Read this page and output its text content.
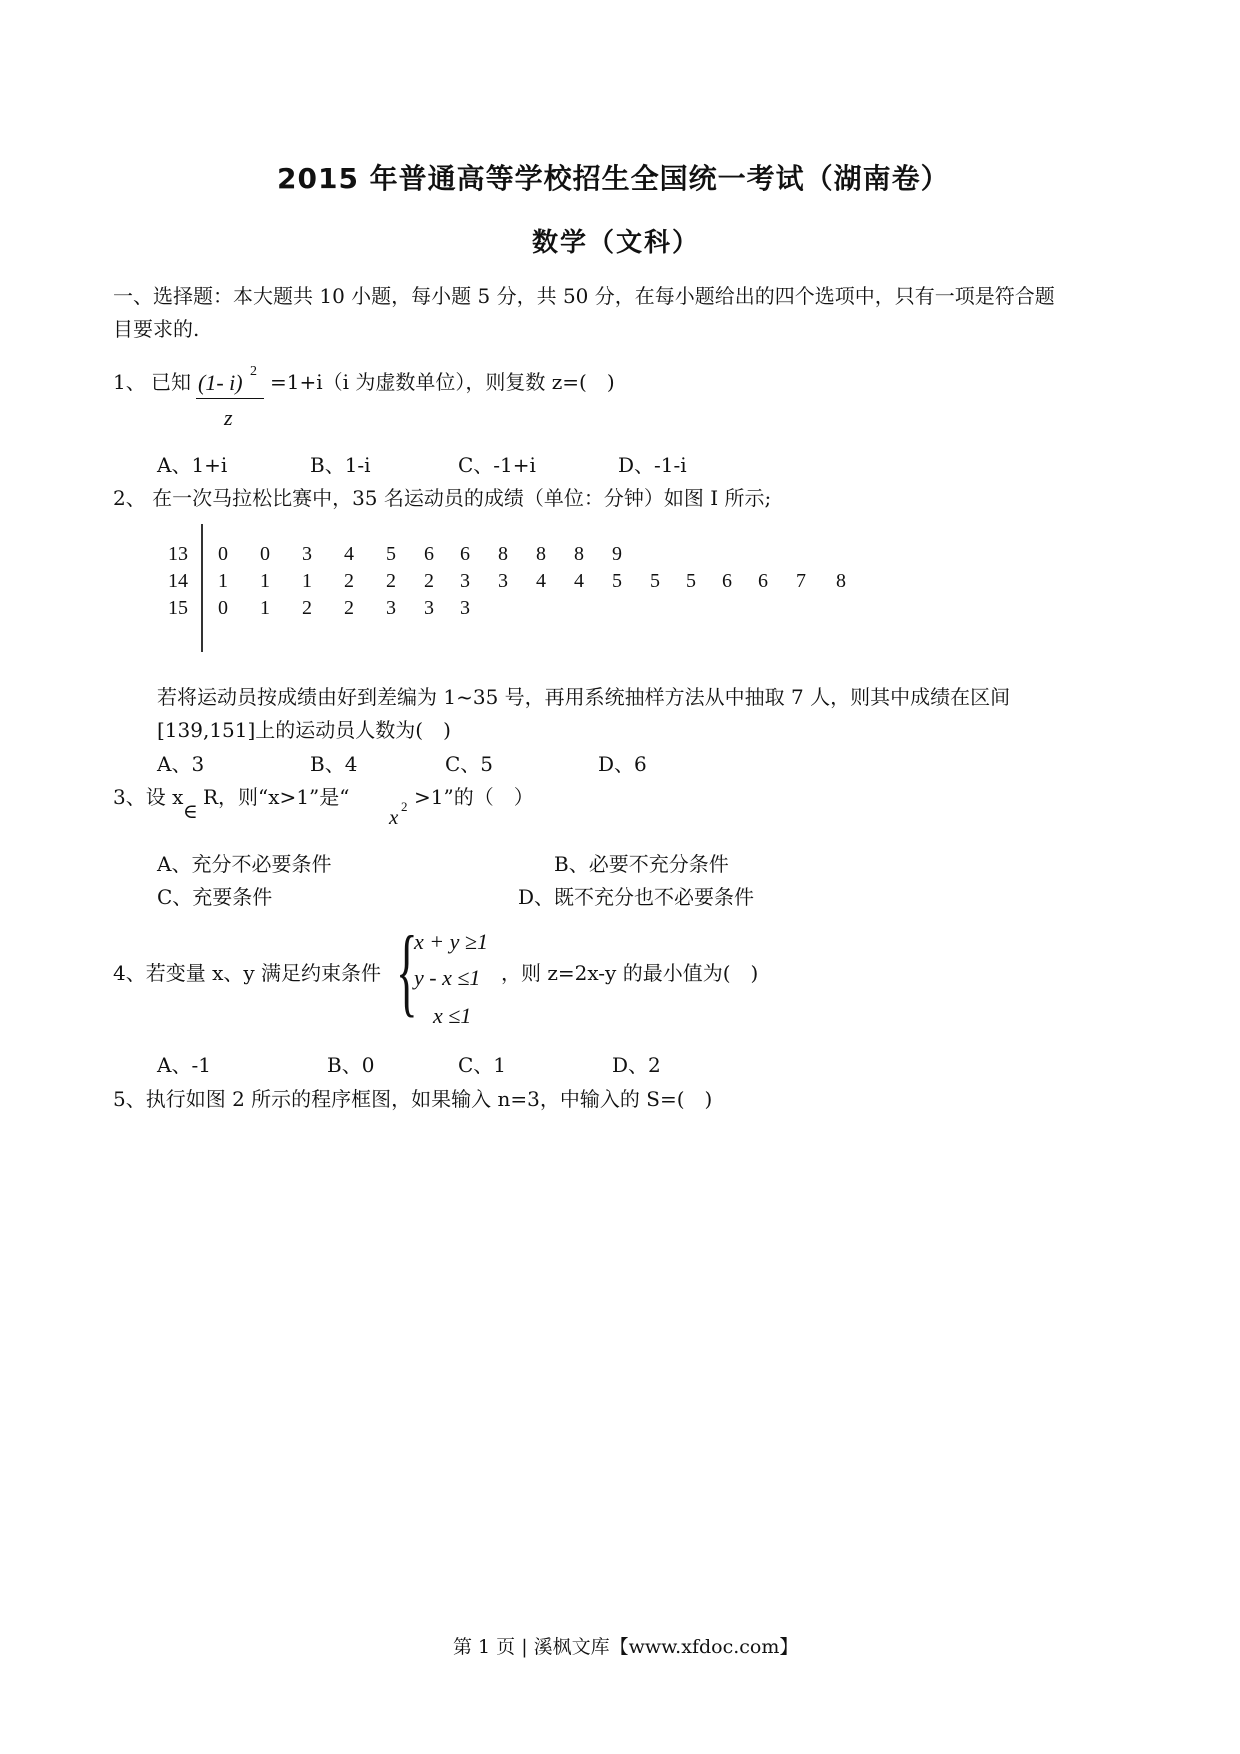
2015 年普通高等学校招生全国统一考试（湖南卷）
数学（文科）
一、选择题：本大题共 10 小题，每小题 5 分，共 50 分，在每小题给出的四个选项中，只有一项是符合题
目要求的.
1、 已知 (1- i) 2
z
=1+i（i 为虚数单位），则复数 z=(　)
A、1+i	B、1-i	C、-1+i	D、-1-i
2、 在一次马拉松比赛中，35 名运动员的成绩（单位：分钟）如图 I 所示;
13 0 0 3 4 5 6 6 8 8 8 9
14 1 1 1 2 2 2 3 3 4 4 5 5 5 6 6 7 8
15 0 1 2 2 3 3 3
若将运动员按成绩由好到差编为 1~35 号，再用系统抽样方法从中抽取 7 人，则其中成绩在区间
[139,151]上的运动员人数为(　)
A、3	B、4	C、5	D、6
3、设 x
∈
R，则“x>1”是“
x 2 >1”的（　）
A、充分不必要条件	B、必要不充分条件
C、充要条件	D、既不充分也不必要条件
4、若变量 x、y 满足约束条件 {
x + y ≥1
y - x ≤1
x ≤1
，则 z=2x-y 的最小值为(　)
A、-1	B、0	C、1	D、2
5、执行如图 2 所示的程序框图，如果输入 n=3，中输入的 S=(　)
第 1 页 | 溪枫文库【www.xfdoc.com】
